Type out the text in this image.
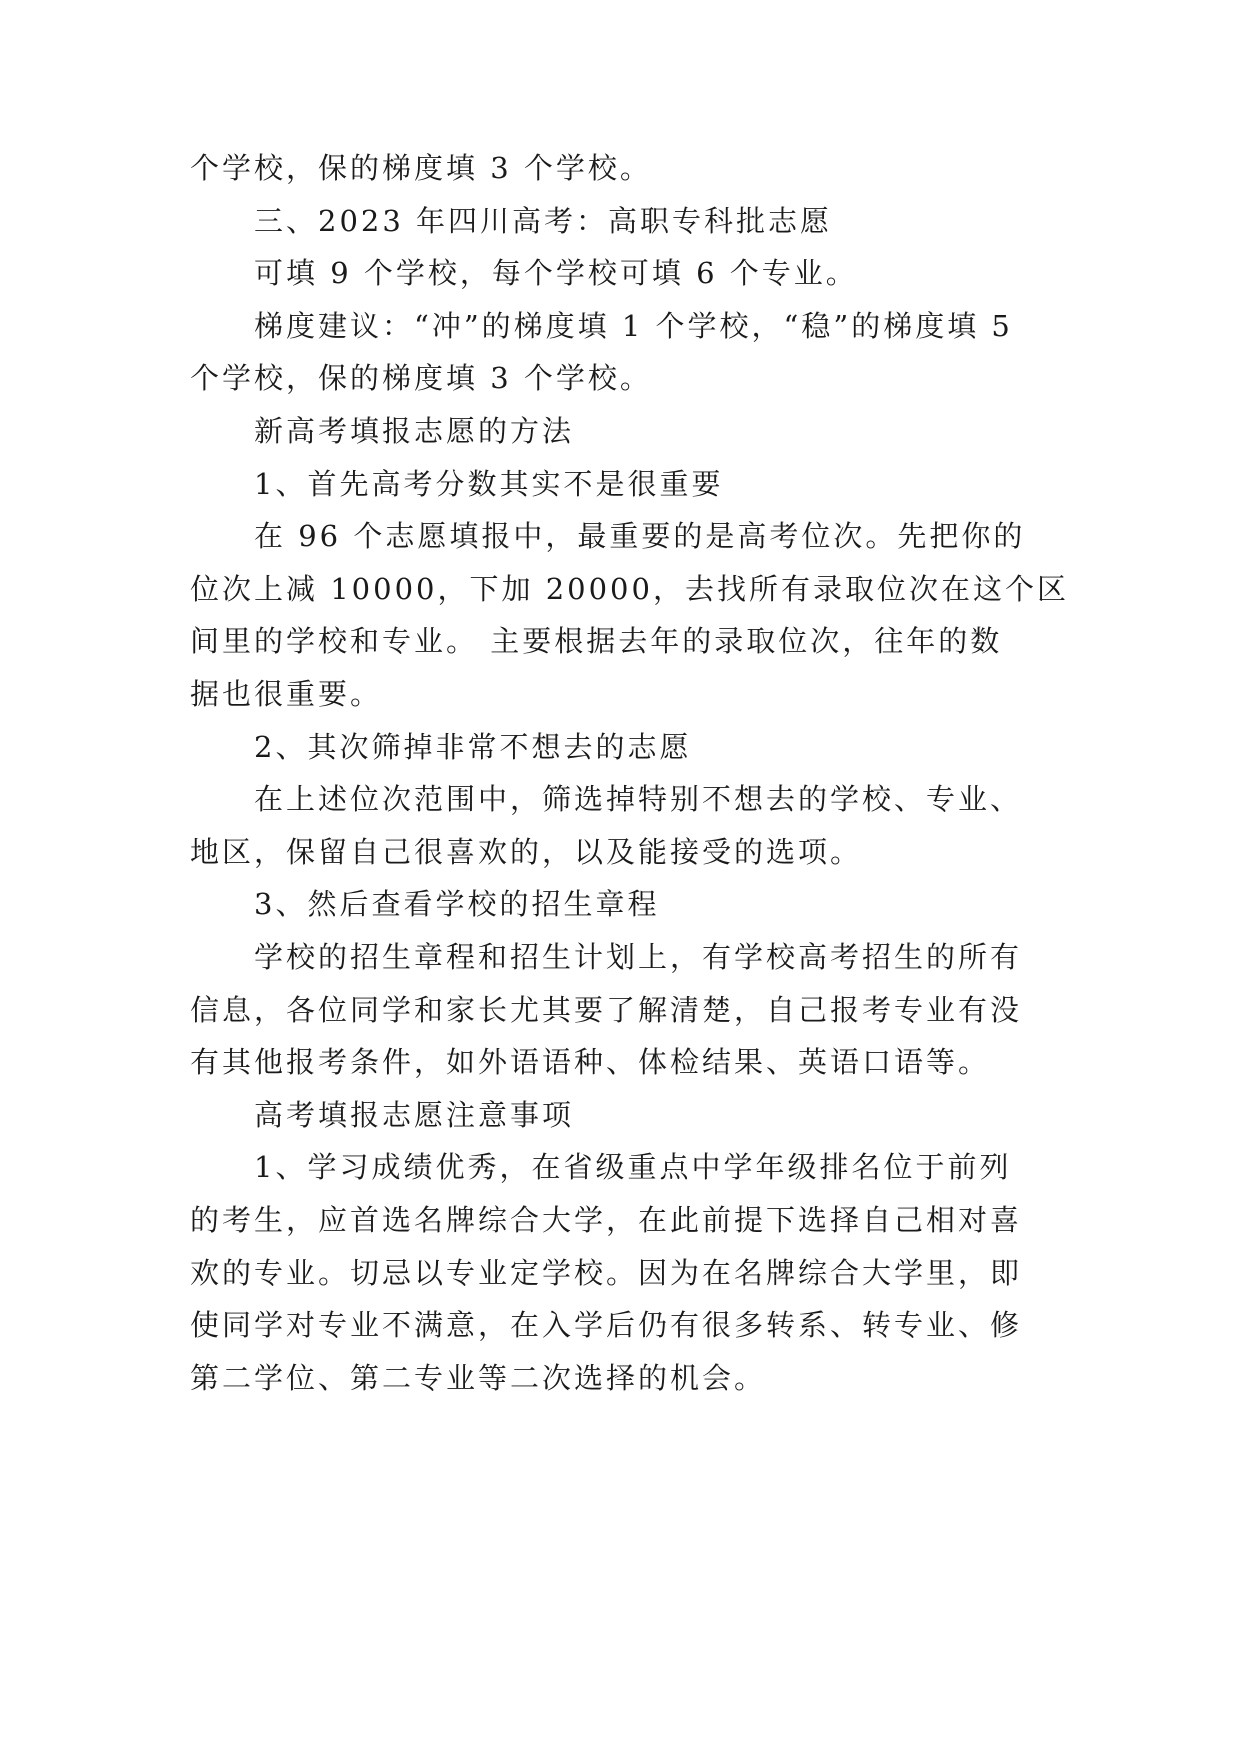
个学校，保的梯度填 3 个学校。
三、2023 年四川高考：高职专科批志愿
可填 9 个学校，每个学校可填 6 个专业。
梯度建议：“冲”的梯度填 1 个学校，“稳”的梯度填 5
个学校，保的梯度填 3 个学校。
新高考填报志愿的方法
1、首先高考分数其实不是很重要
在 96 个志愿填报中，最重要的是高考位次。先把你的
位次上减 10000，下加 20000，去找所有录取位次在这个区
间里的学校和专业。 主要根据去年的录取位次，往年的数
据也很重要。
2、其次筛掉非常不想去的志愿
在上述位次范围中，筛选掉特别不想去的学校、专业、
地区，保留自己很喜欢的，以及能接受的选项。
3、然后查看学校的招生章程
学校的招生章程和招生计划上，有学校高考招生的所有
信息，各位同学和家长尤其要了解清楚，自己报考专业有没
有其他报考条件，如外语语种、体检结果、英语口语等。
高考填报志愿注意事项
1、学习成绩优秀，在省级重点中学年级排名位于前列
的考生，应首选名牌综合大学，在此前提下选择自己相对喜
欢的专业。切忌以专业定学校。因为在名牌综合大学里，即
使同学对专业不满意，在入学后仍有很多转系、转专业、修
第二学位、第二专业等二次选择的机会。
